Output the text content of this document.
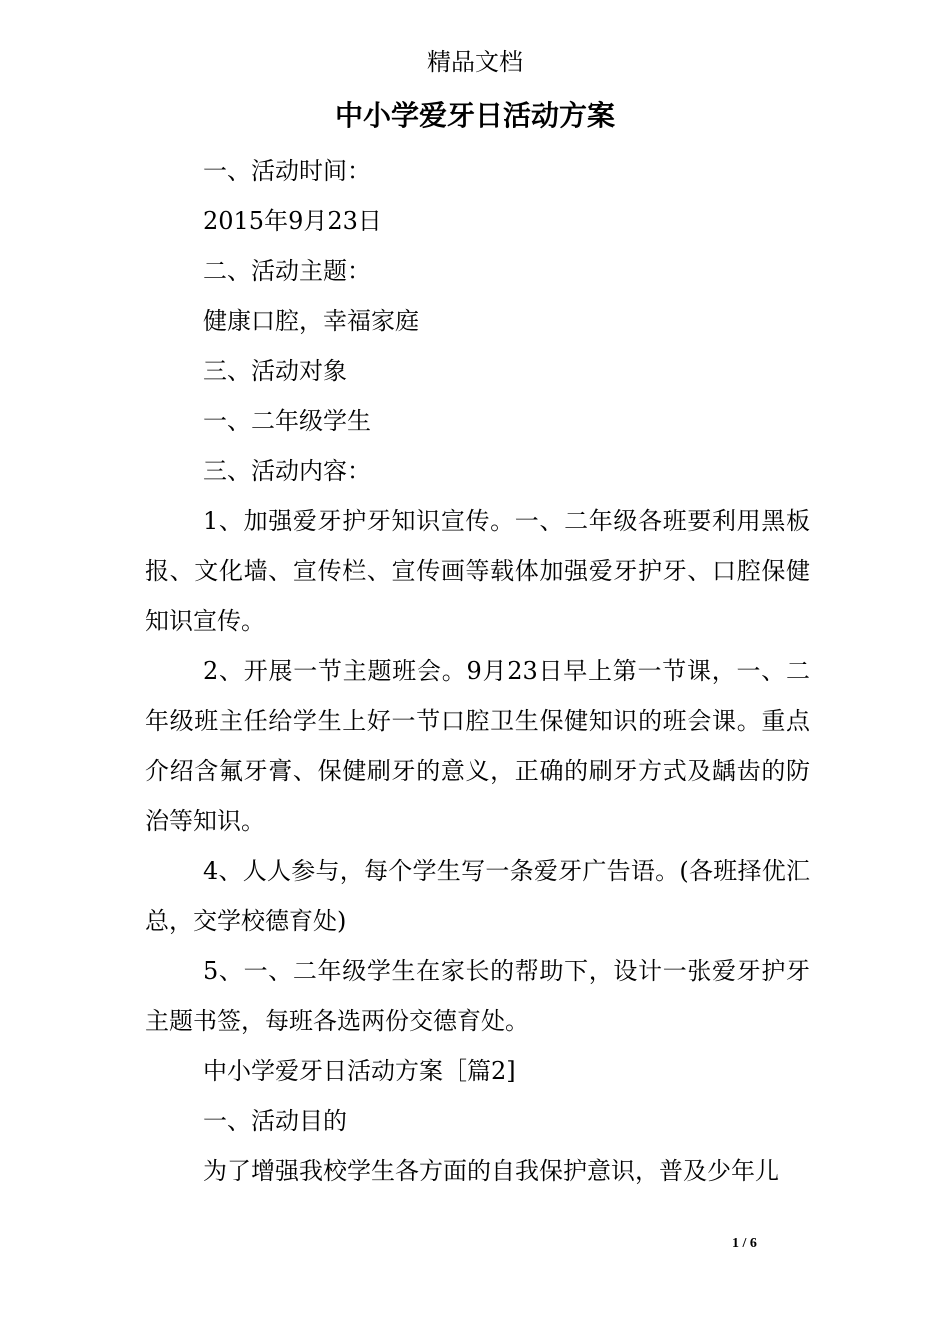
精品文档
中小学爱牙日活动方案

一、活动时间：

2015年9月23日

二、活动主题：

健康口腔，幸福家庭

三、活动对象

一、二年级学生

三、活动内容：

1、加强爱牙护牙知识宣传。一、二年级各班要利用黑板报、文化墙、宣传栏、宣传画等载体加强爱牙护牙、口腔保健知识宣传。

2、开展一节主题班会。9月23日早上第一节课，一、二年级班主任给学生上好一节口腔卫生保健知识的班会课。重点介绍含氟牙膏、保健刷牙的意义，正确的刷牙方式及龋齿的防治等知识。

4、人人参与，每个学生写一条爱牙广告语。(各班择优汇总，交学校德育处)

5、一、二年级学生在家长的帮助下，设计一张爱牙护牙主题书签，每班各选两份交德育处。

中小学爱牙日活动方案［篇2]

一、活动目的

为了增强我校学生各方面的自我保护意识，普及少年儿

1 / 6
